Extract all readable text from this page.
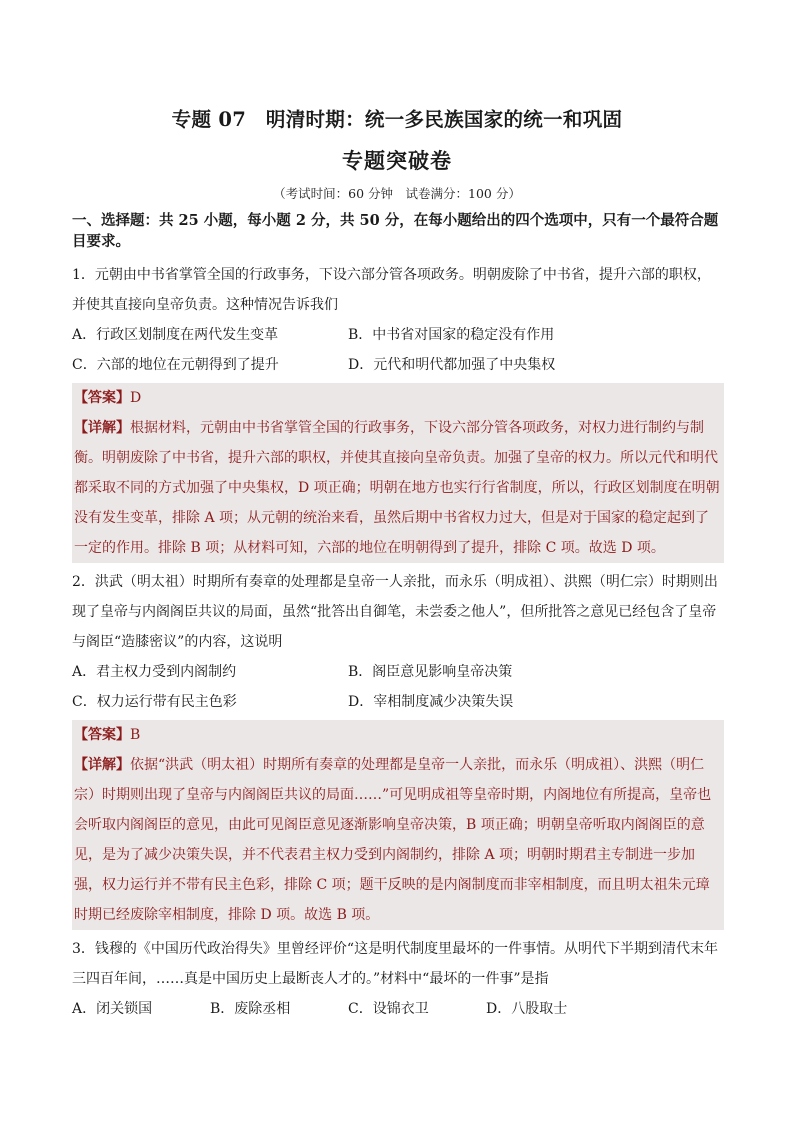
专题 07　明清时期：统一多民族国家的统一和巩固
专题突破卷
（考试时间：60 分钟　试卷满分：100 分）
一、选择题：共 25 小题，每小题 2 分，共 50 分，在每小题给出的四个选项中，只有一个最符合题目要求。

1．元朝由中书省掌管全国的行政事务，下设六部分管各项政务。明朝废除了中书省，提升六部的职权，并使其直接向皇帝负责。这种情况告诉我们

A．行政区划制度在两代发生变革	B．中书省对国家的稳定没有作用
C．六部的地位在元朝得到了提升	D．元代和明代都加强了中央集权

【答案】D

【详解】根据材料，元朝由中书省掌管全国的行政事务，下设六部分管各项政务，对权力进行制约与制衡。明朝废除了中书省，提升六部的职权，并使其直接向皇帝负责。加强了皇帝的权力。所以元代和明代都采取不同的方式加强了中央集权，D 项正确；明朝在地方也实行行省制度，所以，行政区划制度在明朝没有发生变革，排除 A 项；从元朝的统治来看，虽然后期中书省权力过大，但是对于国家的稳定起到了一定的作用。排除 B 项；从材料可知，六部的地位在明朝得到了提升，排除 C 项。故选 D 项。

2．洪武（明太祖）时期所有奏章的处理都是皇帝一人亲批，而永乐（明成祖）、洪熙（明仁宗）时期则出现了皇帝与内阁阁臣共议的局面，虽然“批答出自御笔，未尝委之他人”，但所批答之意见已经包含了皇帝与阁臣“造膝密议”的内容，这说明

A．君主权力受到内阁制约	B．阁臣意见影响皇帝决策
C．权力运行带有民主色彩	D．宰相制度减少决策失误

【答案】B

【详解】依据“洪武（明太祖）时期所有奏章的处理都是皇帝一人亲批，而永乐（明成祖）、洪熙（明仁宗）时期则出现了皇帝与内阁阁臣共议的局面……”可见明成祖等皇帝时期，内阁地位有所提高，皇帝也会听取内阁阁臣的意见，由此可见阁臣意见逐渐影响皇帝决策，B 项正确；明朝皇帝听取内阁阁臣的意见，是为了减少决策失误，并不代表君主权力受到内阁制约，排除 A 项；明朝时期君主专制进一步加强，权力运行并不带有民主色彩，排除 C 项；题干反映的是内阁制度而非宰相制度，而且明太祖朱元璋时期已经废除宰相制度，排除 D 项。故选 B 项。

3．钱穆的《中国历代政治得失》里曾经评价“这是明代制度里最坏的一件事情。从明代下半期到清代末年三四百年间，……真是中国历史上最断丧人才的。”材料中“最坏的一件事”是指

A．闭关锁国	B．废除丞相	C．设锦衣卫	D．八股取士
